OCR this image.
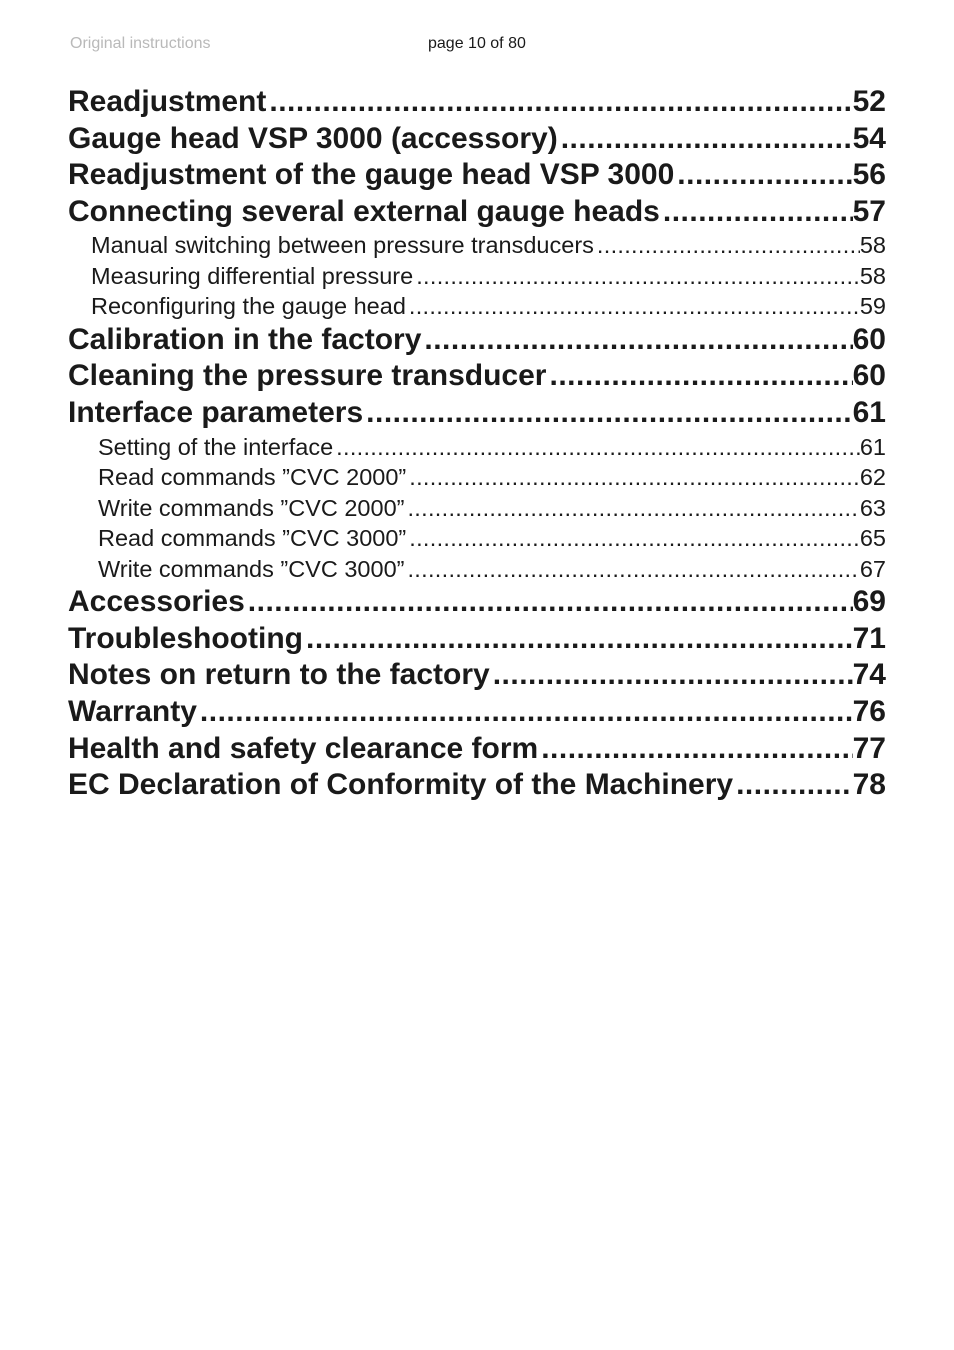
Original instructions	page 10 of 80
Readjustment .....	52
Gauge head VSP 3000 (accessory) .....	54
Readjustment of the gauge head VSP 3000 .....	56
Connecting several external gauge heads .....	57
Manual switching between pressure transducers .....	58
Measuring differential pressure .....	58
Reconfiguring the gauge head .....	59
Calibration in the factory .....	60
Cleaning the pressure transducer .....	60
Interface parameters .....	61
Setting of the interface .....	61
Read commands ”CVC 2000” .....	62
Write commands ”CVC 2000” .....	63
Read commands ”CVC 3000” .....	65
Write commands ”CVC 3000” .....	67
Accessories .....	69
Troubleshooting .....	71
Notes on return to the factory .....	74
Warranty .....	76
Health and safety clearance form .....	77
EC Declaration of Conformity of the Machinery .....	78
